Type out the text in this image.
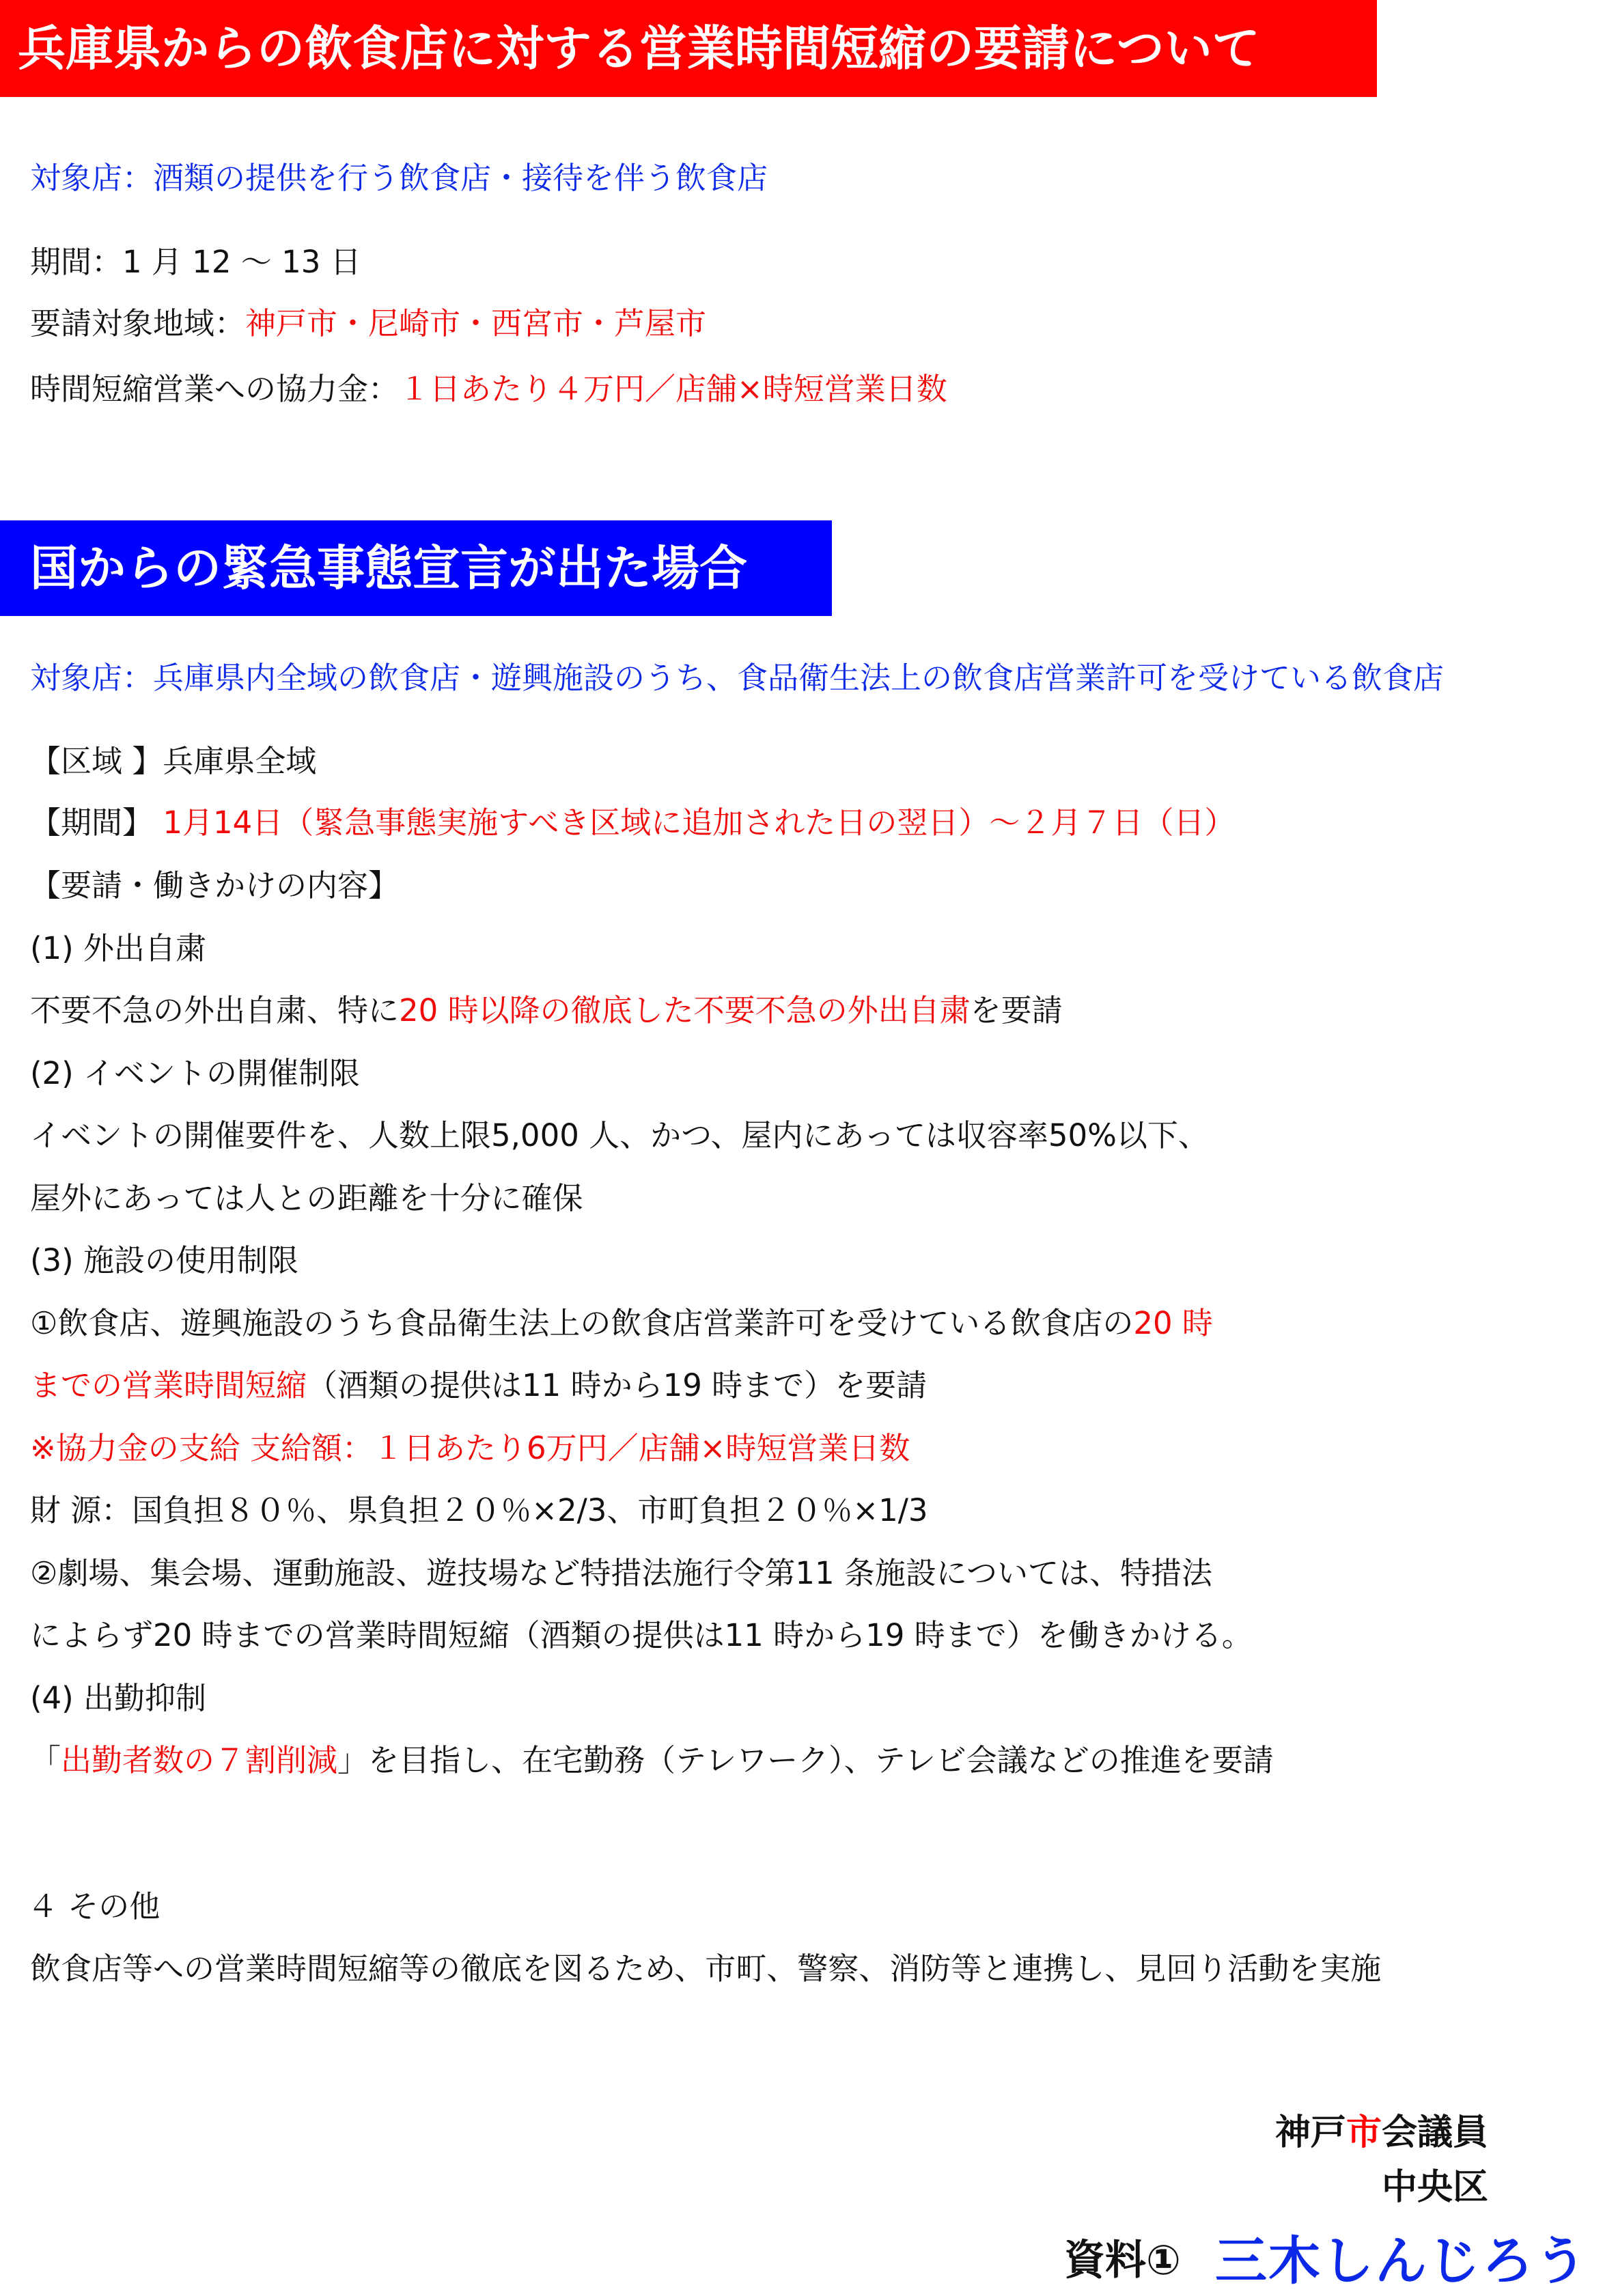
兵庫県からの飲食店に対する営業時間短縮の要請について
対象店：酒類の提供を行う飲食店・接待を伴う飲食店
期間：1 月 12 ～ 13 日
要請対象地域：神戸市・尼崎市・西宮市・芦屋市
時間短縮営業への協力金：１日あたり４万円／店舗×時短営業日数
国からの緊急事態宣言が出た場合
対象店：兵庫県内全域の飲食店・遊興施設のうち、食品衛生法上の飲食店営業許可を受けている飲食店
【区域 】兵庫県全域
【期間】 1月14日（緊急事態実施すべき区域に追加された日の翌日）～２月７日（日）
【要請・働きかけの内容】
(1) 外出自粛
不要不急の外出自粛、特に20 時以降の徹底した不要不急の外出自粛を要請
(2) イベントの開催制限
イベントの開催要件を、人数上限5,000 人、かつ、屋内にあっては収容率50%以下、
屋外にあっては人との距離を十分に確保
(3) 施設の使用制限
①飲食店、遊興施設のうち食品衛生法上の飲食店営業許可を受けている飲食店の20 時
までの営業時間短縮（酒類の提供は11 時から19 時まで）を要請
※協力金の支給 支給額：１日あたり6万円／店舗×時短営業日数
財 源：国負担８０％、県負担２０％×2/3、市町負担２０％×1/3
②劇場、集会場、運動施設、遊技場など特措法施行令第11 条施設については、特措法
によらず20 時までの営業時間短縮（酒類の提供は11 時から19 時まで）を働きかける。
(4) 出勤抑制
「出勤者数の７割削減」を目指し、在宅勤務（テレワーク）、テレビ会議などの推進を要請
４ その他
飲食店等への営業時間短縮等の徹底を図るため、市町、警察、消防等と連携し、見回り活動を実施
神戸市会議員
中央区
資料① 三木しんじろう
